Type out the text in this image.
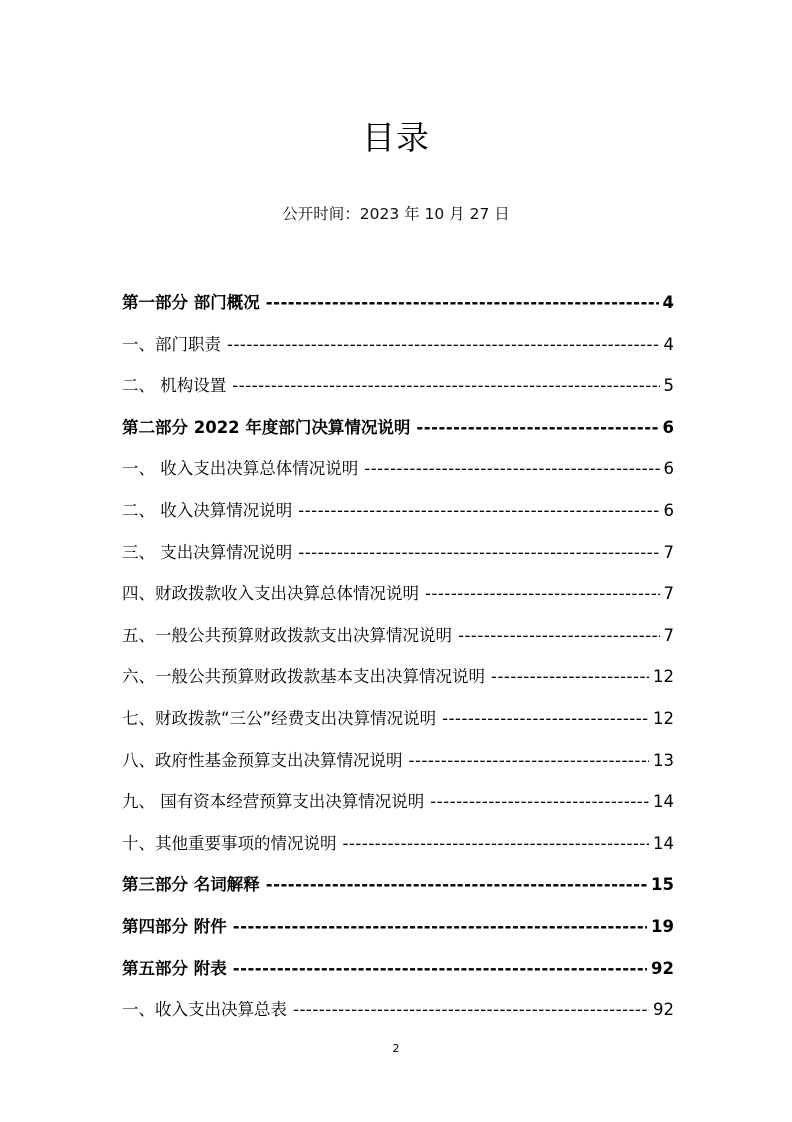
目录
公开时间：2023 年 10 月 27 日
第一部分 部门概况 -----	4
一、部门职责 -----	4
二、 机构设置 -----	5
第二部分 2022 年度部门决算情况说明 -----	6
一、 收入支出决算总体情况说明 -----	6
二、 收入决算情况说明 -----	6
三、 支出决算情况说明 -----	7
四、财政拨款收入支出决算总体情况说明 -----	7
五、一般公共预算财政拨款支出决算情况说明 -----	7
六、一般公共预算财政拨款基本支出决算情况说明 -----	12
七、财政拨款“三公”经费支出决算情况说明 -----	12
八、政府性基金预算支出决算情况说明 -----	13
九、 国有资本经营预算支出决算情况说明 -----	14
十、其他重要事项的情况说明 -----	14
第三部分 名词解释 -----	15
第四部分 附件 -----	19
第五部分 附表 -----	92
一、收入支出决算总表 -----	92
2
